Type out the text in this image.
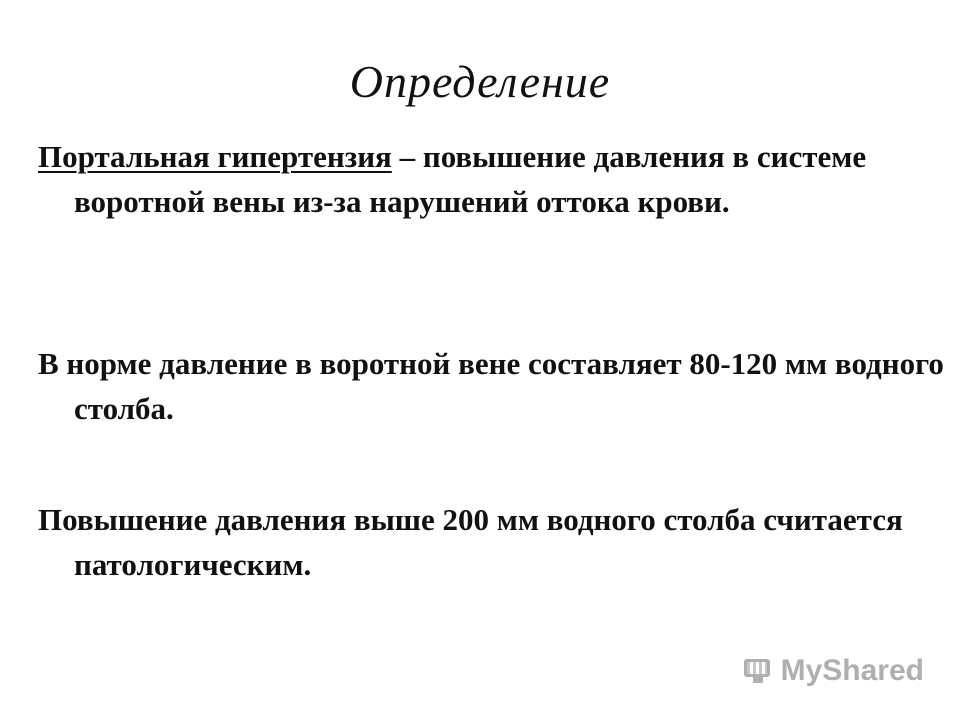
Определение

Портальная гипертензия – повышение давления в системе воротной вены из-за нарушений оттока крови.

В норме давление в воротной вене составляет 80-120 мм водного столба.

Повышение давления выше 200 мм водного столба считается патологическим.

MyShared
